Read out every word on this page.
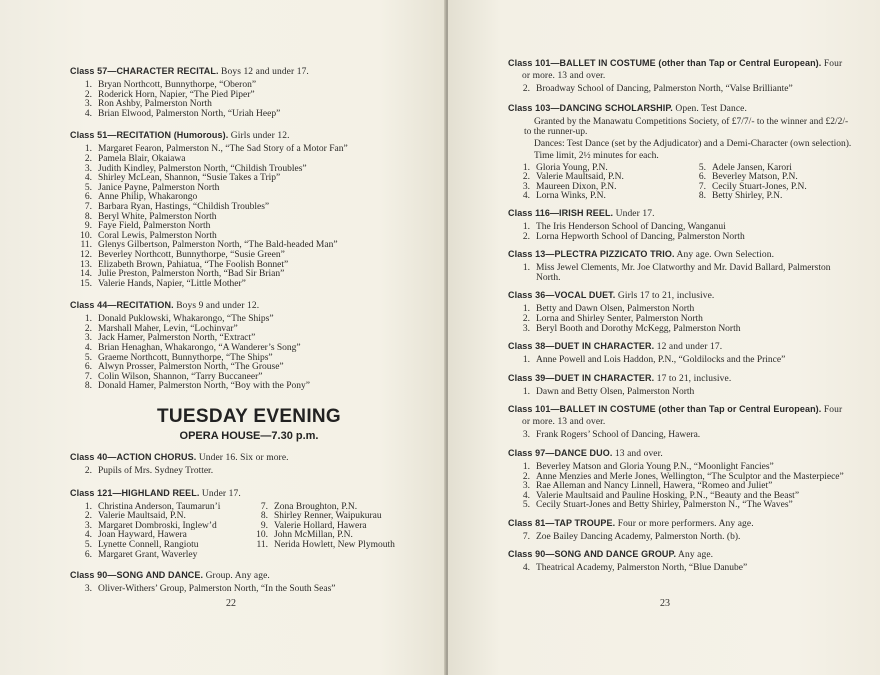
Class 57—CHARACTER RECITAL. Boys 12 and under 17.

1. Bryan Northcott, Bunnythorpe, “Oberon”
2. Roderick Horn, Napier, “The Pied Piper”
3. Ron Ashby, Palmerston North
4. Brian Elwood, Palmerston North, “Uriah Heep”

Class 51—RECITATION (Humorous). Girls under 12.

1. Margaret Fearon, Palmerston N., “The Sad Story of a Motor Fan”
2. Pamela Blair, Okaiawa
3. Judith Kindley, Palmerston North, “Childish Troubles”
4. Shirley McLean, Shannon, “Susie Takes a Trip”
5. Janice Payne, Palmerston North
6. Anne Philip, Whakarongo
7. Barbara Ryan, Hastings, “Childish Troubles”
8. Beryl White, Palmerston North
9. Faye Field, Palmerston North
10. Coral Lewis, Palmerston North
11. Glenys Gilbertson, Palmerston North, “The Bald-headed Man”
12. Beverley Northcott, Bunnythorpe, “Susie Green”
13. Elizabeth Brown, Pahiatua, “The Foolish Bonnet”
14. Julie Preston, Palmerston North, “Bad Sir Brian”
15. Valerie Hands, Napier, “Little Mother”

Class 44—RECITATION. Boys 9 and under 12.

1. Donald Puklowski, Whakarongo, “The Ships”
2. Marshall Maher, Levin, “Lochinvar”
3. Jack Hamer, Palmerston North, “Extract”
4. Brian Henaghan, Whakarongo, “A Wanderer’s Song”
5. Graeme Northcott, Bunnythorpe, “The Ships”
6. Alwyn Prosser, Palmerston North, “The Grouse”
7. Colin Wilson, Shannon, “Tarry Buccaneer”
8. Donald Hamer, Palmerston North, “Boy with the Pony”
TUESDAY EVENING
OPERA HOUSE—7.30 p.m.

Class 40—ACTION CHORUS. Under 16. Six or more.

2. Pupils of Mrs. Sydney Trotter.

Class 121—HIGHLAND REEL. Under 17.

1. Christina Anderson, Taumarun’i
2. Valerie Maultsaid, P.N.
3. Margaret Dombroski, Inglew’d
4. Joan Hayward, Hawera
5. Lynette Connell, Rangiotu
6. Margaret Grant, Waverley
7. Zona Broughton, P.N.
8. Shirley Renner, Waipukurau
9. Valerie Hollard, Hawera
10. John McMillan, P.N.
11. Nerida Howlett, New Plymouth

Class 90—SONG AND DANCE. Group. Any age.

3. Oliver-Withers’ Group, Palmerston North, “In the South Seas”
22

Class 101—BALLET IN COSTUME (other than Tap or Central European). Four or more. 13 and over.

2. Broadway School of Dancing, Palmerston North, “Valse Brilliante”

Class 103—DANCING SCHOLARSHIP. Open. Test Dance.

Granted by the Manawatu Competitions Society, of £7/7/- to the winner and £2/2/- to the runner-up.

Dances: Test Dance (set by the Adjudicator) and a Demi-Character (own selection).

Time limit, 2½ minutes for each.

1. Gloria Young, P.N.
2. Valerie Maultsaid, P.N.
3. Maureen Dixon, P.N.
4. Lorna Winks, P.N.
5. Adele Jansen, Karori
6. Beverley Matson, P.N.
7. Cecily Stuart-Jones, P.N.
8. Betty Shirley, P.N.

Class 116—IRISH REEL. Under 17.

1. The Iris Henderson School of Dancing, Wanganui
2. Lorna Hepworth School of Dancing, Palmerston North

Class 13—PLECTRA PIZZICATO TRIO. Any age. Own Selection.

1. Miss Jewel Clements, Mr. Joe Clatworthy and Mr. David Ballard, Palmerston North.

Class 36—VOCAL DUET. Girls 17 to 21, inclusive.

1. Betty and Dawn Olsen, Palmerston North
2. Lorna and Shirley Senter, Palmerston North
3. Beryl Booth and Dorothy McKegg, Palmerston North

Class 38—DUET IN CHARACTER. 12 and under 17.

1. Anne Powell and Lois Haddon, P.N., “Goldilocks and the Prince”

Class 39—DUET IN CHARACTER. 17 to 21, inclusive.

1. Dawn and Betty Olsen, Palmerston North

Class 101—BALLET IN COSTUME (other than Tap or Central European). Four or more. 13 and over.

3. Frank Rogers’ School of Dancing, Hawera.

Class 97—DANCE DUO. 13 and over.

1. Beverley Matson and Gloria Young P.N., “Moonlight Fancies”
2. Anne Menzies and Merle Jones, Wellington, “The Sculptor and the Masterpiece”
3. Rae Alleman and Nancy Linnell, Hawera, “Romeo and Juliet”
4. Valerie Maultsaid and Pauline Hosking, P.N., “Beauty and the Beast”
5. Cecily Stuart-Jones and Betty Shirley, Palmerston N., “The Waves”

Class 81—TAP TROUPE. Four or more performers. Any age.

7. Zoe Bailey Dancing Academy, Palmerston North. (b).

Class 90—SONG AND DANCE GROUP. Any age.

4. Theatrical Academy, Palmerston North, “Blue Danube”
23
